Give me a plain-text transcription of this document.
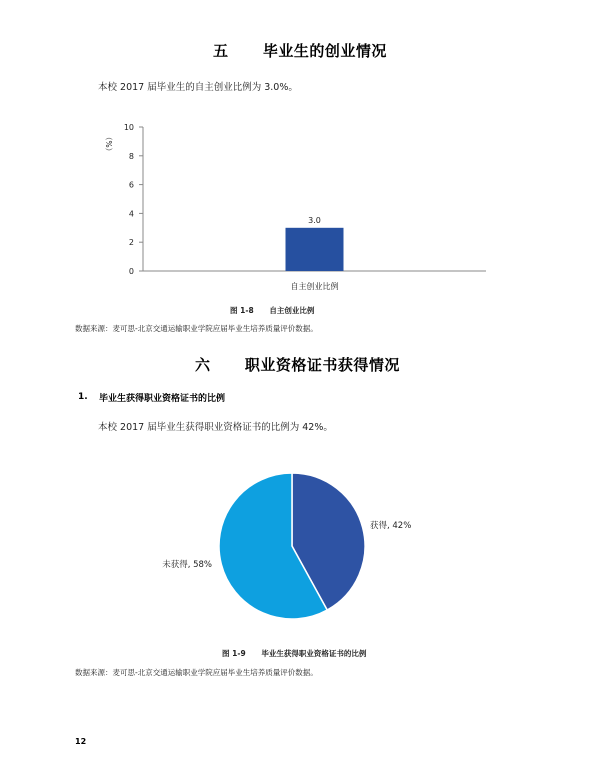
五      毕业生的创业情况
本校 2017 届毕业生的自主创业比例为 3.0%。
0
2
4
6
8
10
3.0
自主创业比例
（%）
图 1-8      自主创业比例
数据来源：麦可思-北京交通运输职业学院应届毕业生培养质量评价数据。
六      职业资格证书获得情况
1. 毕业生获得职业资格证书的比例
本校 2017 届毕业生获得职业资格证书的比例为 42%。
获得, 42%
未获得, 58%
图 1-9      毕业生获得职业资格证书的比例
数据来源：麦可思-北京交通运输职业学院应届毕业生培养质量评价数据。
12
